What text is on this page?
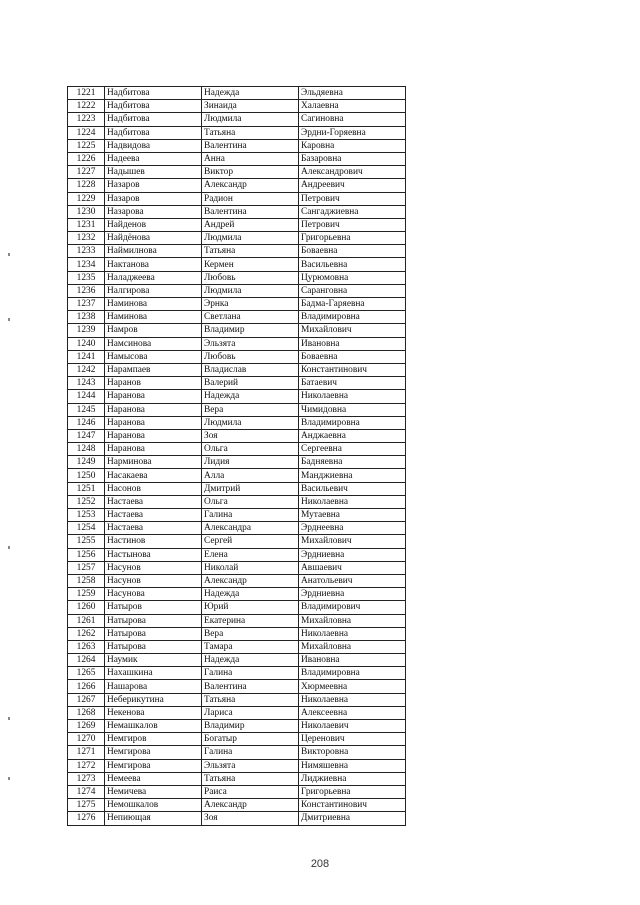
1221	Надбитова	Надежда	Эльдяевна
1222	Надбитова	Зинаида	Халаевна
1223	Надбитова	Людмила	Сагиновна
1224	Надбитова	Татьяна	Эрдни-Горяевна
1225	Надвидова	Валентина	Каровна
1226	Надеева	Анна	Базаровна
1227	Надышев	Виктор	Александрович
1228	Назаров	Александр	Андреевич
1229	Назаров	Радион	Петрович
1230	Назарова	Валентина	Сангаджиевна
1231	Найденов	Андрей	Петрович
1232	Найдёнова	Людмила	Григорьевна
1233	Наймилнова	Татьяна	Бовaевна
1234	Нактанова	Кермен	Васильевна
1235	Наладжеева	Любовь	Цурюмовна
1236	Налгирова	Людмила	Саранговна
1237	Наминова	Эрнка	Бадма-Гаряевна
1238	Наминова	Светлана	Владимировна
1239	Намров	Владимир	Михайлович
1240	Намсинова	Эльзята	Ивановна
1241	Намысова	Любовь	Бовaевна
1242	Нарампаев	Владислав	Константинович
1243	Наранов	Валерий	Батаевич
1244	Наранова	Надежда	Николаевна
1245	Наранова	Вера	Чимидовна
1246	Наранова	Людмила	Владимировна
1247	Наранова	Зоя	Анджаевна
1248	Наранова	Ольга	Сергеевна
1249	Нарминова	Лидия	Бадняевна
1250	Насакаева	Алла	Манджиевна
1251	Насонов	Дмитрий	Васильевич
1252	Настаева	Ольга	Николаевна
1253	Настаева	Галина	Мутаевна
1254	Настаева	Александра	Эрднеевна
1255	Настинов	Сергей	Михайлович
1256	Настынова	Елена	Эрдниевна
1257	Насунов	Николай	Авшаевич
1258	Насунов	Александр	Анатольевич
1259	Насунова	Надежда	Эрдниевна
1260	Натыров	Юрий	Владимирович
1261	Натырова	Екатерина	Михайловна
1262	Натырова	Вера	Николаевна
1263	Натырова	Тамара	Михайловна
1264	Наумик	Надежда	Ивановна
1265	Нахашкина	Галина	Владимировна
1266	Нашарова	Валентина	Хюрмеевна
1267	Неберикутина	Татьяна	Николаевна
1268	Некенова	Лариса	Алексеевна
1269	Немашкалов	Владимир	Николаевич
1270	Немгиров	Богатыр	Церенович
1271	Немгирова	Галина	Викторовна
1272	Немгирова	Эльзята	Нимяшевна
1273	Немеева	Татьяна	Лиджиевна
1274	Немичева	Раиса	Григорьевна
1275	Немошкалов	Александр	Константинович
1276	Непиющая	Зоя	Дмитриевна
208
